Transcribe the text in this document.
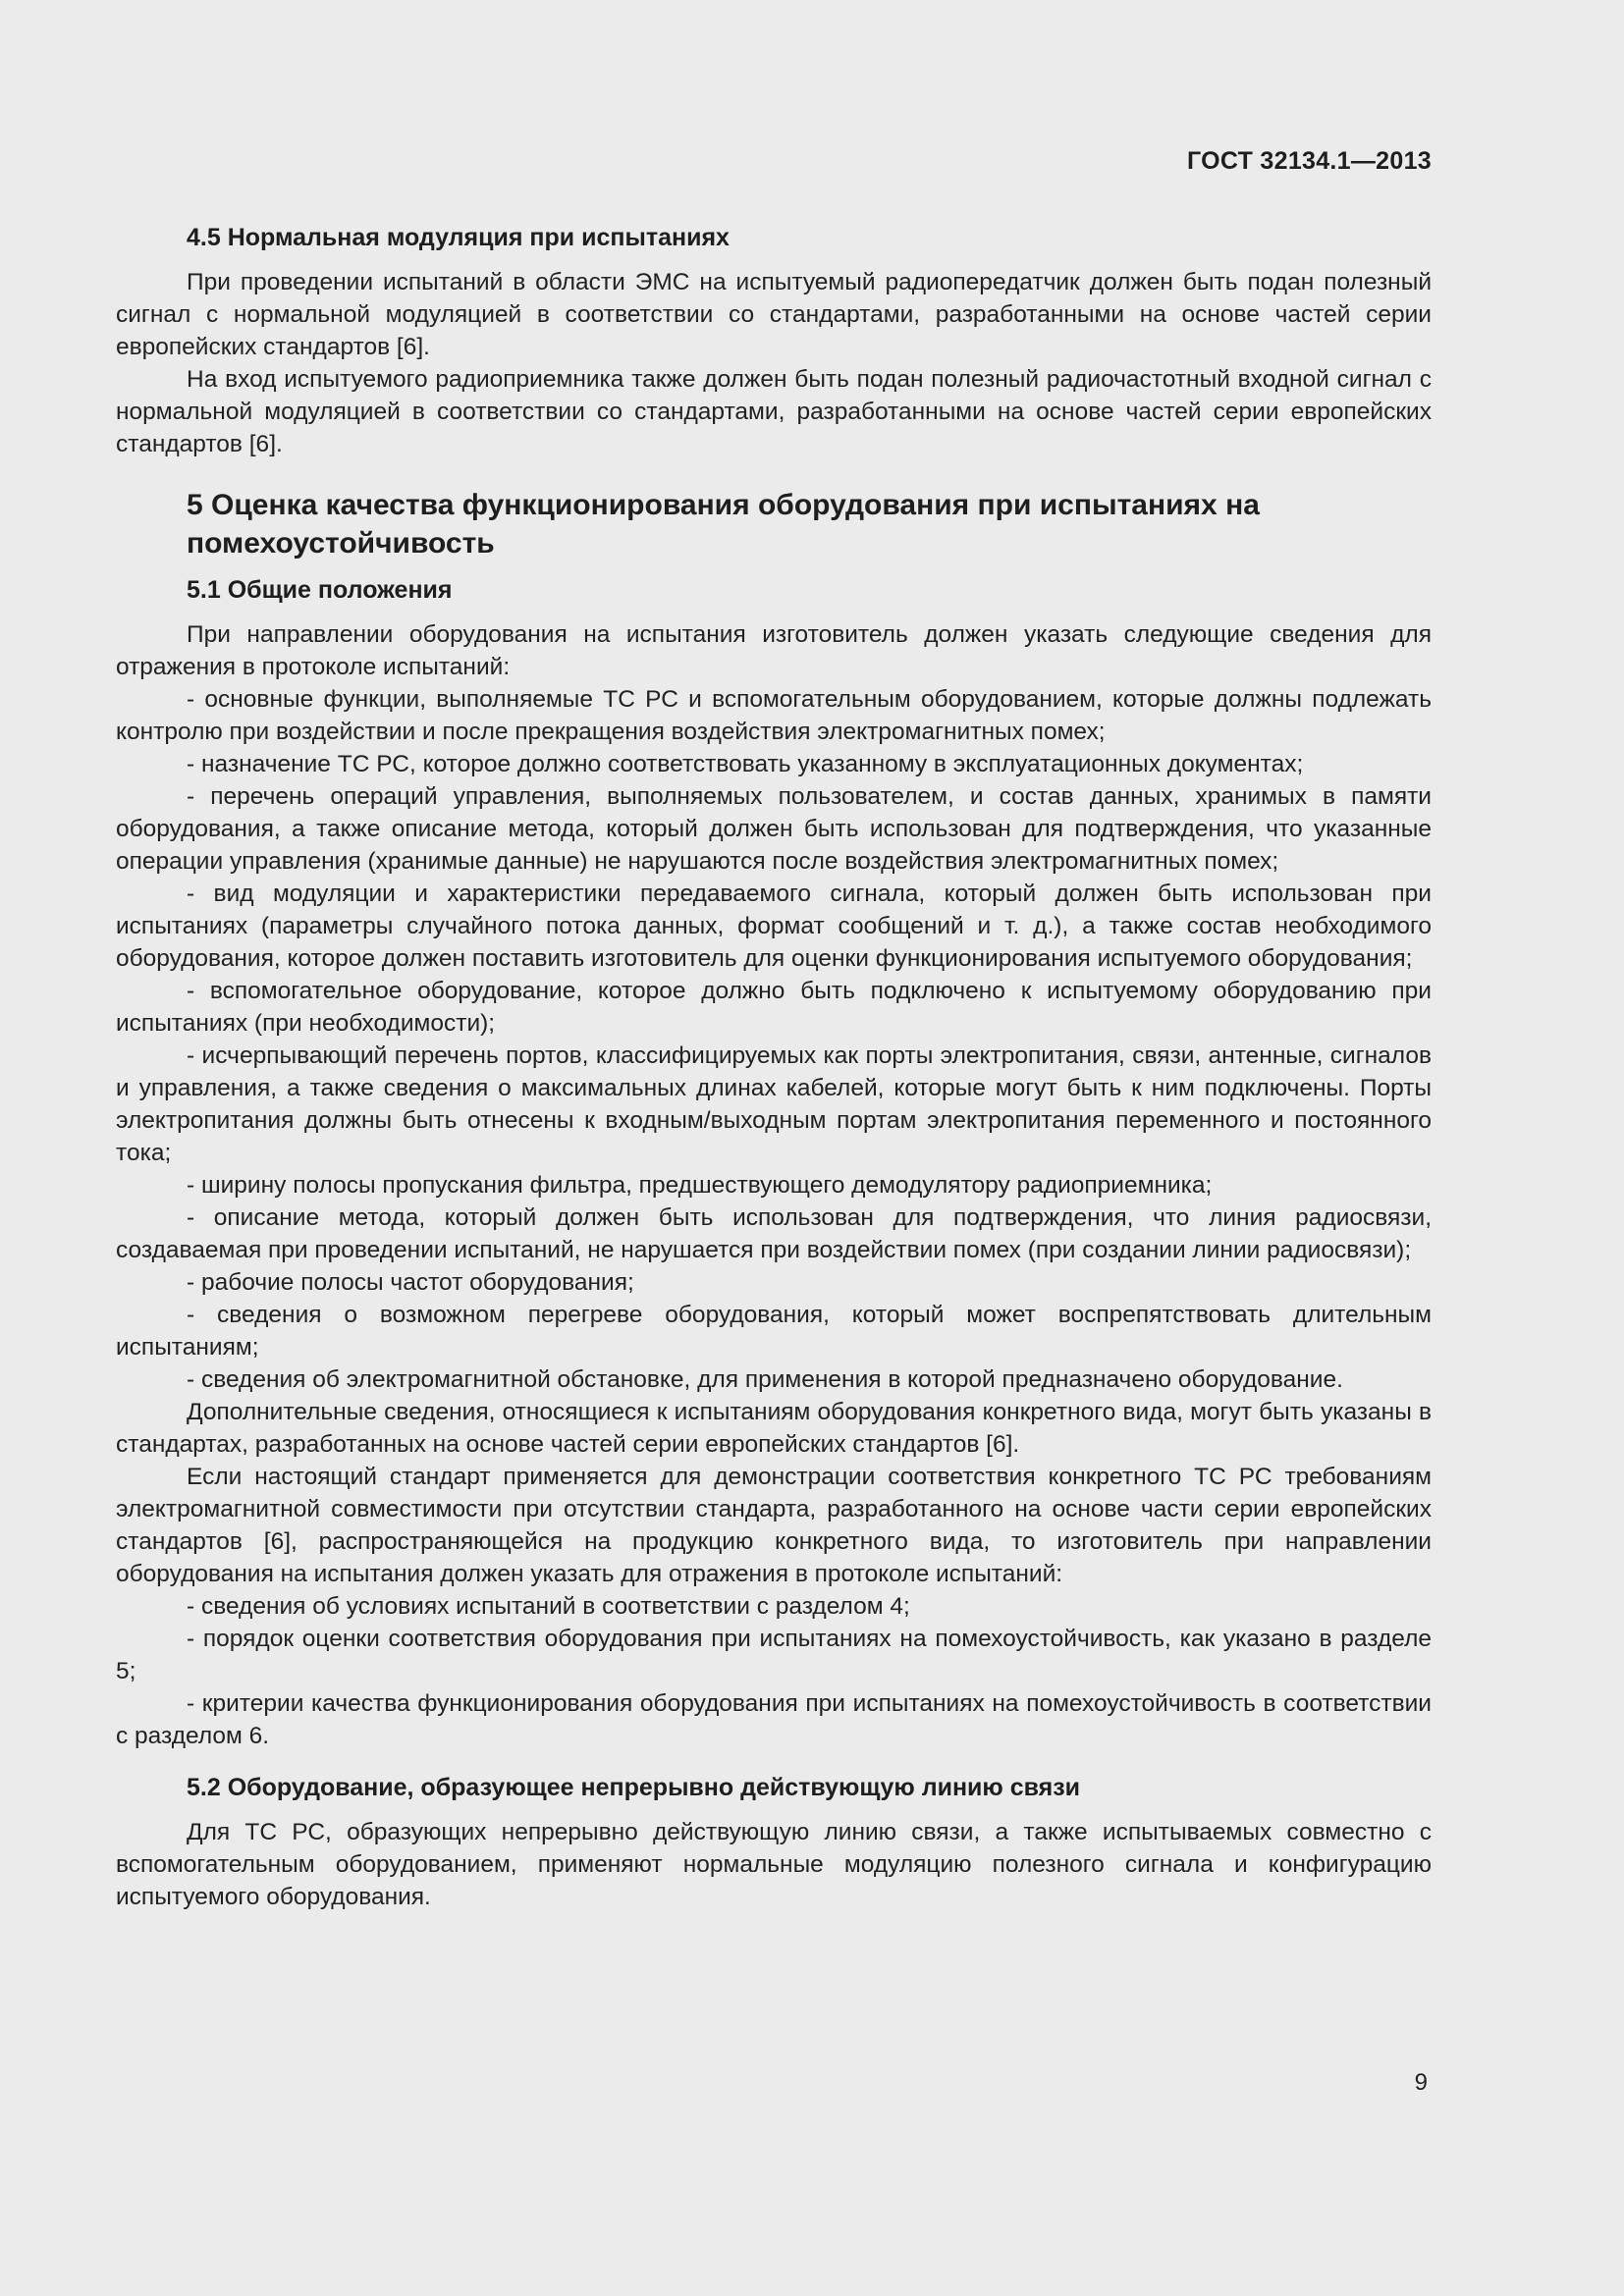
ГОСТ 32134.1—2013
4.5 Нормальная модуляция при испытаниях

При проведении испытаний в области ЭМС на испытуемый радиопередатчик должен быть подан полезный сигнал с нормальной модуляцией в соответствии со стандартами, разработанными на основе частей серии европейских стандартов [6].

На вход испытуемого радиоприемника также должен быть подан полезный радиочастотный входной сигнал с нормальной модуляцией в соответствии со стандартами, разработанными на основе частей серии европейских стандартов [6].

5 Оценка качества функционирования оборудования при испытаниях на помехоустойчивость
5.1 Общие положения

При направлении оборудования на испытания изготовитель должен указать следующие сведения для отражения в протоколе испытаний:

- основные функции, выполняемые ТС РС и вспомогательным оборудованием, которые должны подлежать контролю при воздействии и после прекращения воздействия электромагнитных помех;

- назначение ТС РС, которое должно соответствовать указанному в эксплуатационных документах;

- перечень операций управления, выполняемых пользователем, и состав данных, хранимых в памяти оборудования, а также описание метода, который должен быть использован для подтверждения, что указанные операции управления (хранимые данные) не нарушаются после воздействия электромагнитных помех;

- вид модуляции и характеристики передаваемого сигнала, который должен быть использован при испытаниях (параметры случайного потока данных, формат сообщений и т. д.), а также состав необходимого оборудования, которое должен поставить изготовитель для оценки функционирования испытуемого оборудования;

- вспомогательное оборудование, которое должно быть подключено к испытуемому оборудованию при испытаниях (при необходимости);

- исчерпывающий перечень портов, классифицируемых как порты электропитания, связи, антенные, сигналов и управления, а также сведения о максимальных длинах кабелей, которые могут быть к ним подключены. Порты электропитания должны быть отнесены к входным/выходным портам электропитания переменного и постоянного тока;

- ширину полосы пропускания фильтра, предшествующего демодулятору радиоприемника;

- описание метода, который должен быть использован для подтверждения, что линия радиосвязи, создаваемая при проведении испытаний, не нарушается при воздействии помех (при создании линии радиосвязи);

- рабочие полосы частот оборудования;

- сведения о возможном перегреве оборудования, который может воспрепятствовать длительным испытаниям;

- сведения об электромагнитной обстановке, для применения в которой предназначено оборудование.

Дополнительные сведения, относящиеся к испытаниям оборудования конкретного вида, могут быть указаны в стандартах, разработанных на основе частей серии европейских стандартов [6].

Если настоящий стандарт применяется для демонстрации соответствия конкретного ТС РС требованиям электромагнитной совместимости при отсутствии стандарта, разработанного на основе части серии европейских стандартов [6], распространяющейся на продукцию конкретного вида, то изготовитель при направлении оборудования на испытания должен указать для отражения в протоколе испытаний:

- сведения об условиях испытаний в соответствии с разделом 4;

- порядок оценки соответствия оборудования при испытаниях на помехоустойчивость, как указано в разделе 5;

- критерии качества функционирования оборудования при испытаниях на помехоустойчивость в соответствии с разделом 6.

5.2 Оборудование, образующее непрерывно действующую линию связи

Для ТС РС, образующих непрерывно действующую линию связи, а также испытываемых совместно с вспомогательным оборудованием, применяют нормальные модуляцию полезного сигнала и конфигурацию испытуемого оборудования.

9
